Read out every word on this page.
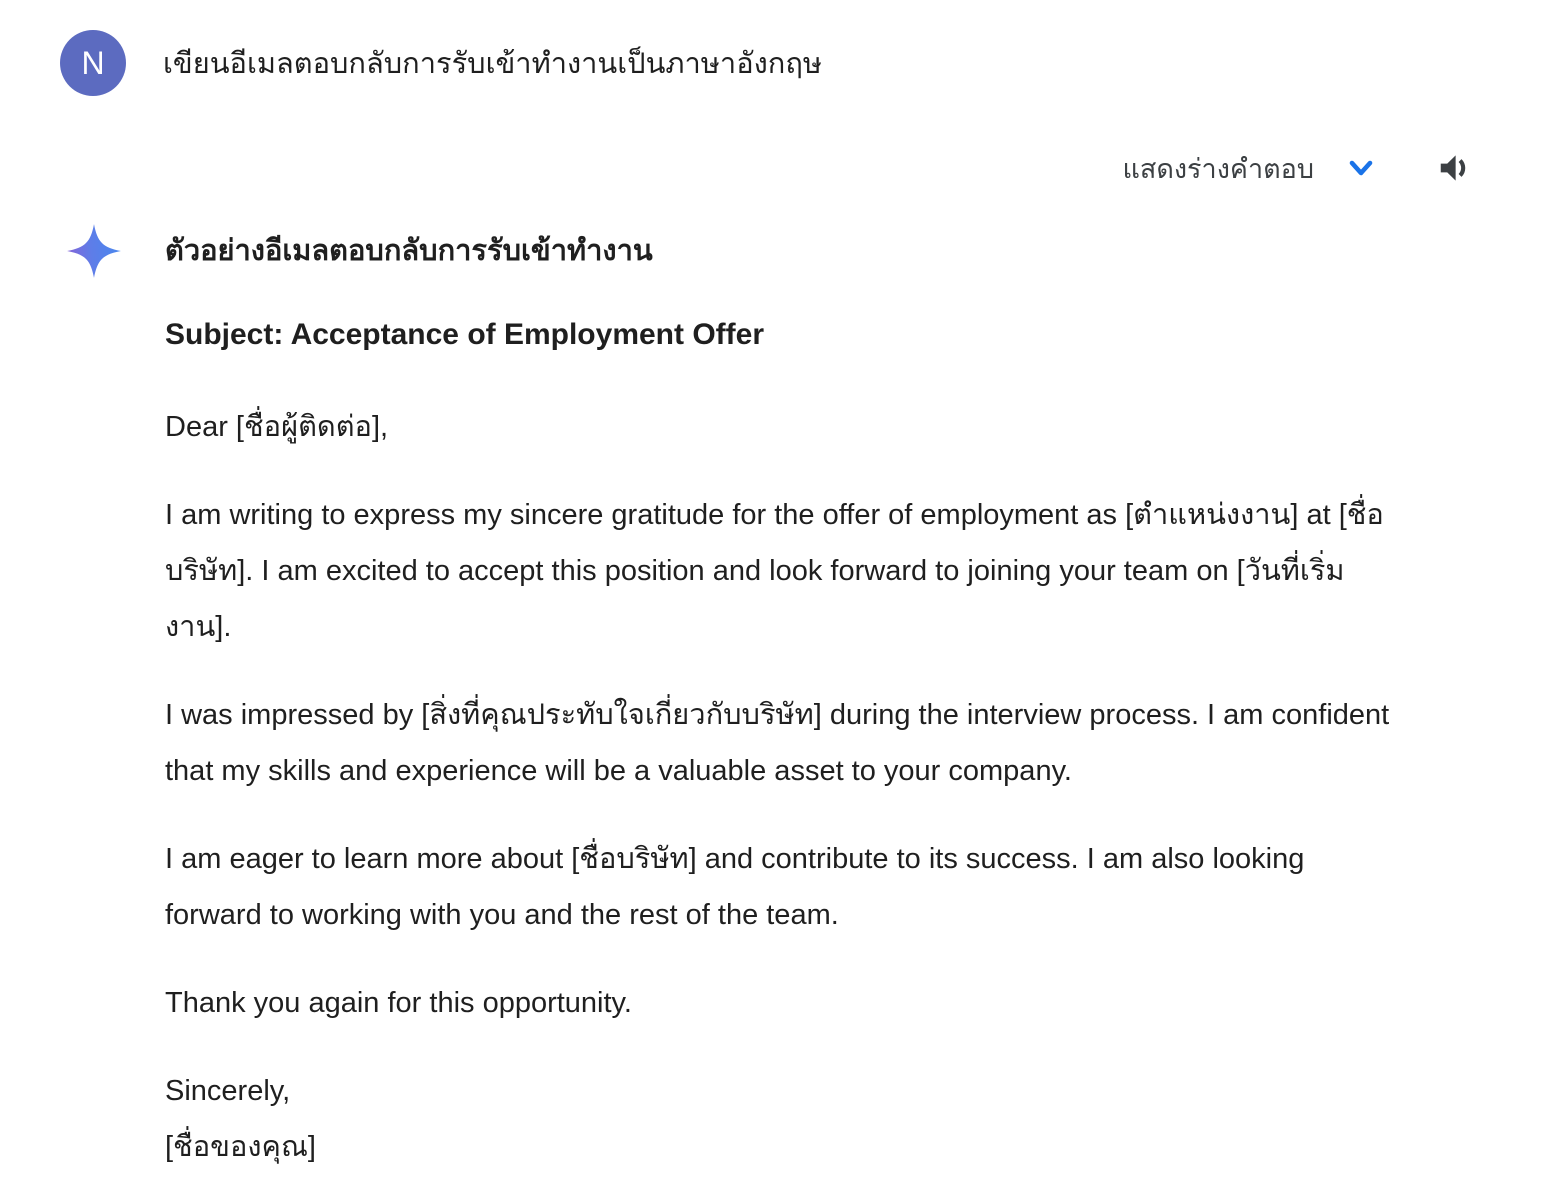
N	เขียนอีเมลตอบกลับการรับเข้าทำงานเป็นภาษาอังกฤษ
แสดงร่างคำตอบ
ตัวอย่างอีเมลตอบกลับการรับเข้าทำงาน
Subject: Acceptance of Employment Offer

Dear [ชื่อผู้ติดต่อ],

I am writing to express my sincere gratitude for the offer of employment as [ตำแหน่งงาน] at [ชื่อบริษัท]. I am excited to accept this position and look forward to joining your team on [วันที่เริ่มงาน].

I was impressed by [สิ่งที่คุณประทับใจเกี่ยวกับบริษัท] during the interview process. I am confident that my skills and experience will be a valuable asset to your company.

I am eager to learn more about [ชื่อบริษัท] and contribute to its success. I am also looking forward to working with you and the rest of the team.

Thank you again for this opportunity.

Sincerely,
[ชื่อของคุณ]
